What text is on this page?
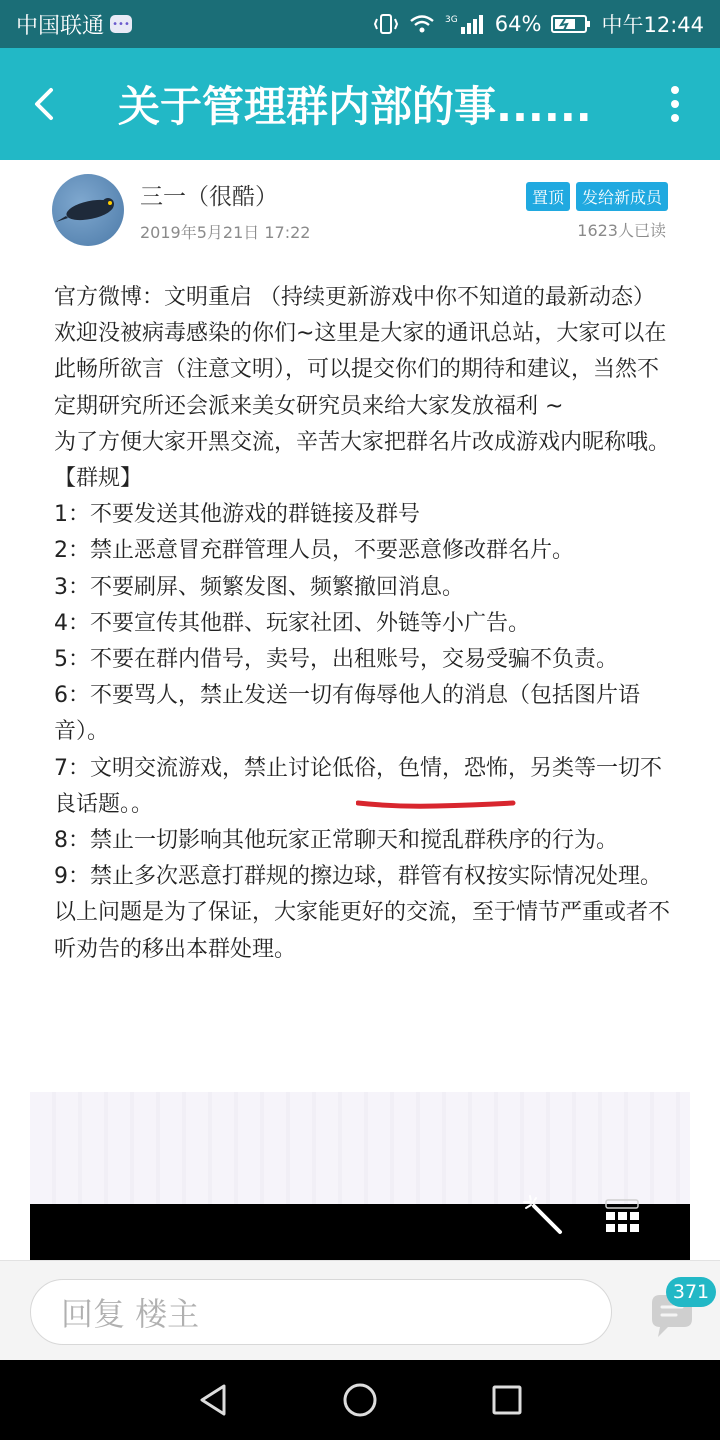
中国联通 •••	3G 64%	中午12:44
关于管理群内部的事......
三一（很酷）
2019年5月21日 17:22
置顶	发给新成员
1623人已读

官方微博：文明重启 （持续更新游戏中你不知道的最新动态）欢迎没被病毒感染的你们~这里是大家的通讯总站，大家可以在此畅所欲言（注意文明），可以提交你们的期待和建议，当然不定期研究所还会派来美女研究员来给大家发放福利 ~

为了方便大家开黑交流，辛苦大家把群名片改成游戏内昵称哦。

【群规】

1：不要发送其他游戏的群链接及群号

2：禁止恶意冒充群管理人员，不要恶意修改群名片。

3：不要刷屏、频繁发图、频繁撤回消息。

4：不要宣传其他群、玩家社团、外链等小广告。

5：不要在群内借号，卖号，出租账号，交易受骗不负责。

6：不要骂人，禁止发送一切有侮辱他人的消息（包括图片语音）。

7：文明交流游戏，禁止讨论低俗，色情，恐怖，另类等一切不良话题。。

8：禁止一切影响其他玩家正常聊天和搅乱群秩序的行为。

9：禁止多次恶意打群规的擦边球，群管有权按实际情况处理。

以上问题是为了保证，大家能更好的交流，至于情节严重或者不听劝告的移出本群处理。

回复 楼主
371
